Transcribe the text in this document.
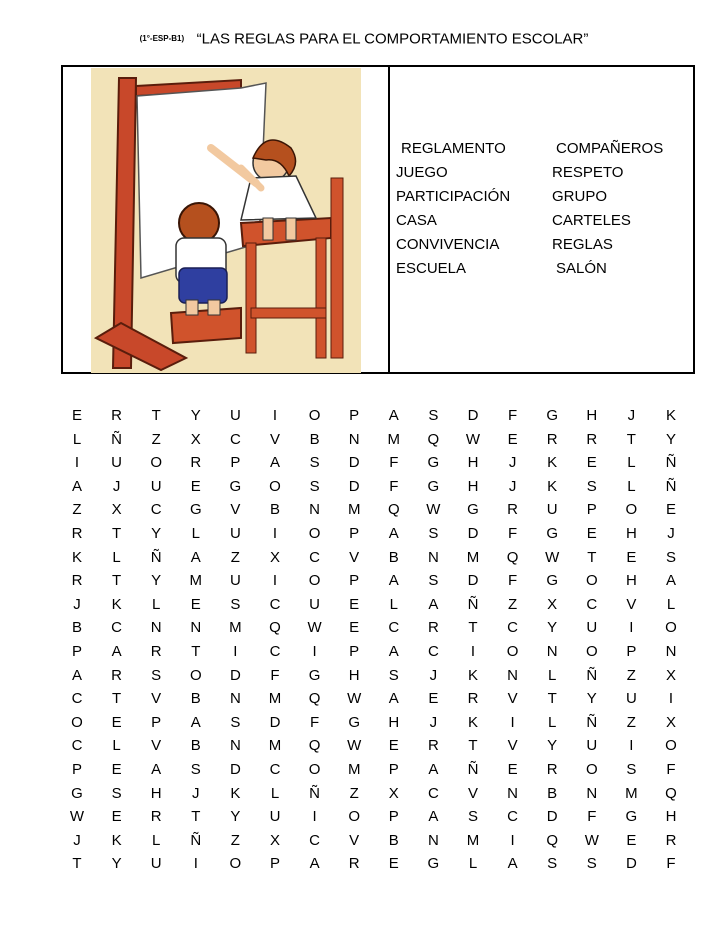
(1°-ESP-B1) “LAS REGLAS PARA EL COMPORTAMIENTO ESCOLAR”
REGLAMENTO	COMPAÑEROS
JUEGO	RESPETO
PARTICIPACIÓN	GRUPO
CASA	CARTELES
CONVIVENCIA	REGLAS
ESCUELA	SALÓN
E	R	T	Y	U	I	O	P	A	S	D	F	G	H	J	K
L	Ñ	Z	X	C	V	B	N	M	Q	W	E	R	R	T	Y
I	U	O	R	P	A	S	D	F	G	H	J	K	E	L	Ñ
A	J	U	E	G	O	S	D	F	G	H	J	K	S	L	Ñ
Z	X	C	G	V	B	N	M	Q	W	G	R	U	P	O	E
R	T	Y	L	U	I	O	P	A	S	D	F	G	E	H	J
K	L	Ñ	A	Z	X	C	V	B	N	M	Q	W	T	E	S
R	T	Y	M	U	I	O	P	A	S	D	F	G	O	H	A
J	K	L	E	S	C	U	E	L	A	Ñ	Z	X	C	V	L
B	C	N	N	M	Q	W	E	C	R	T	C	Y	U	I	O
P	A	R	T	I	C	I	P	A	C	I	O	N	O	P	N
A	R	S	O	D	F	G	H	S	J	K	N	L	Ñ	Z	X
C	T	V	B	N	M	Q	W	A	E	R	V	T	Y	U	I
O	E	P	A	S	D	F	G	H	J	K	I	L	Ñ	Z	X
C	L	V	B	N	M	Q	W	E	R	T	V	Y	U	I	O
P	E	A	S	D	C	O	M	P	A	Ñ	E	R	O	S	F
G	S	H	J	K	L	Ñ	Z	X	C	V	N	B	N	M	Q
W	E	R	T	Y	U	I	O	P	A	S	C	D	F	G	H
J	K	L	Ñ	Z	X	C	V	B	N	M	I	Q	W	E	R
T	Y	U	I	O	P	A	R	E	G	L	A	S	S	D	F
